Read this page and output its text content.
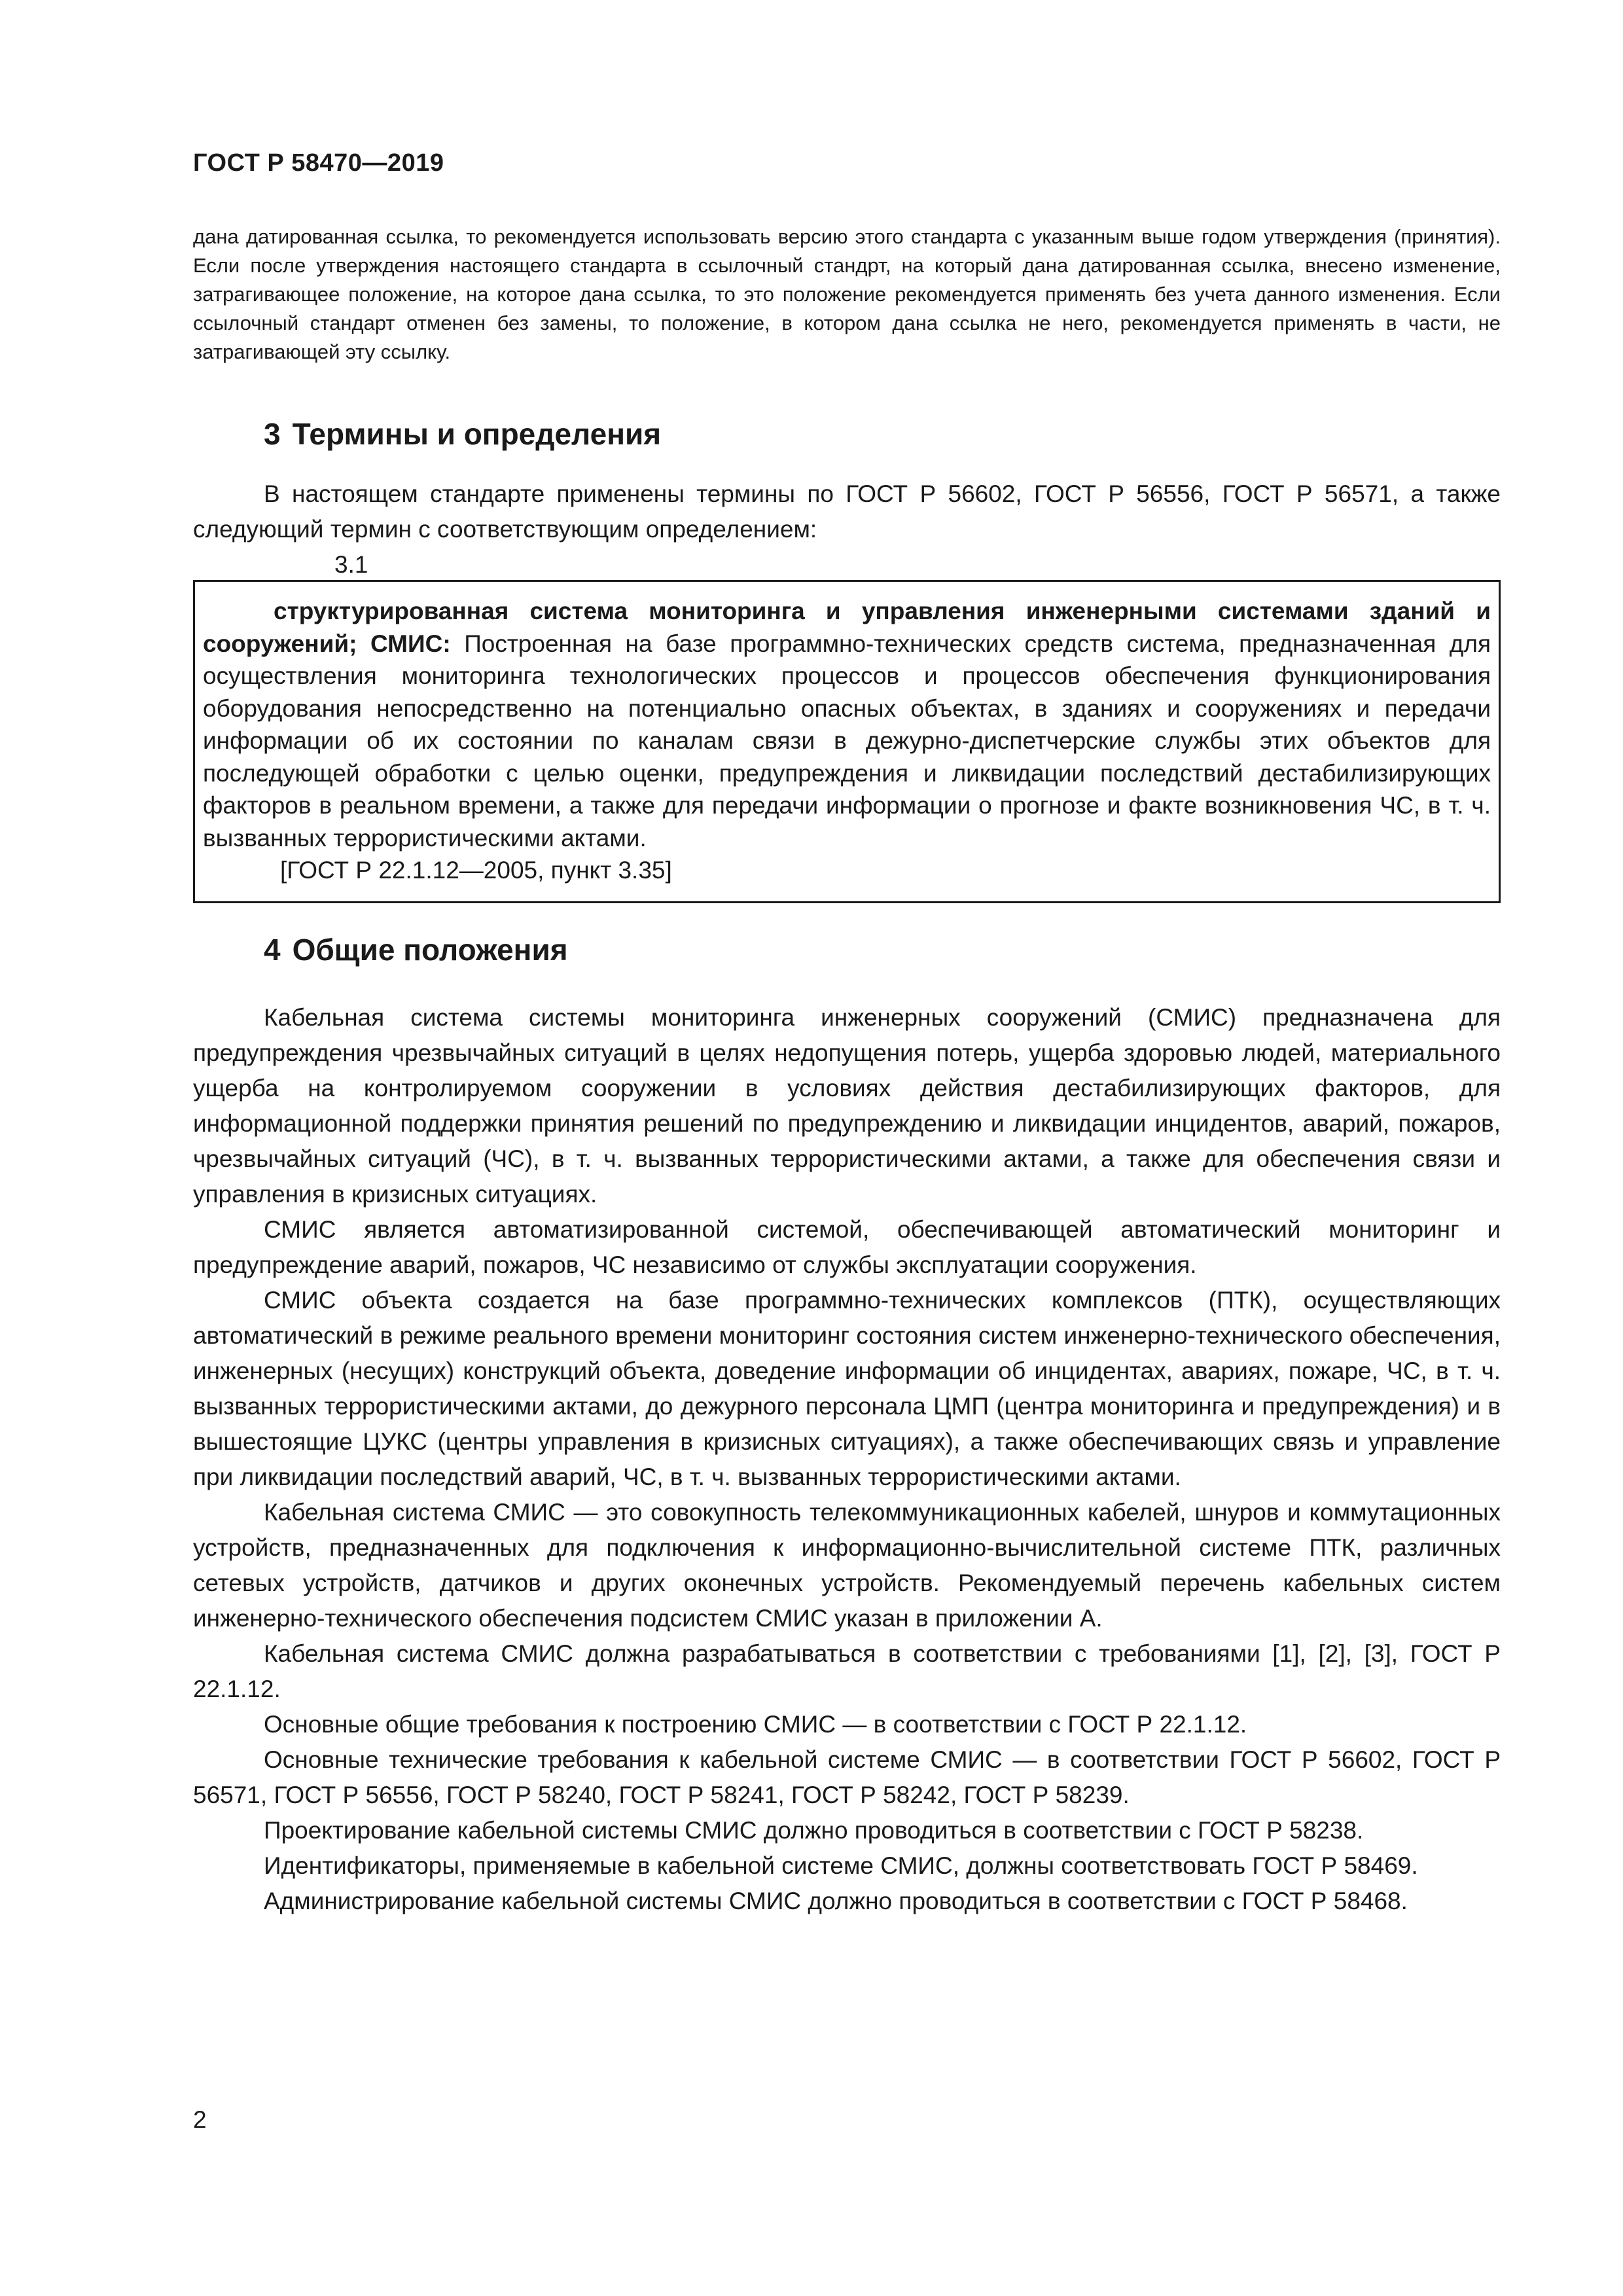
ГОСТ Р 58470—2019

дана датированная ссылка, то рекомендуется использовать версию этого стандарта с указанным выше годом утверждения (принятия). Если после утверждения настоящего стандарта в ссылочный стандрт, на который дана датированная ссылка, внесено изменение, затрагивающее положение, на которое дана ссылка, то это положение рекомендуется применять без учета данного изменения. Если ссылочный стандарт отменен без замены, то положение, в котором дана ссылка не него, рекомендуется применять в части, не затрагивающей эту ссылку.

3 Термины и определения

В настоящем стандарте применены термины по ГОСТ Р 56602, ГОСТ Р 56556, ГОСТ Р 56571, а также следующий термин с соответствующим определением:

3.1

структурированная система мониторинга и управления инженерными системами зданий и сооружений; СМИС: Построенная на базе программно-технических средств система, предназначенная для осуществления мониторинга технологических процессов и процессов обеспечения функционирования оборудования непосредственно на потенциально опасных объектах, в зданиях и сооружениях и передачи информации об их состоянии по каналам связи в дежурно-диспетчерские службы этих объектов для последующей обработки с целью оценки, предупреждения и ликвидации последствий дестабилизирующих факторов в реальном времени, а также для передачи информации о прогнозе и факте возникновения ЧС, в т. ч. вызванных террористическими актами.

[ГОСТ Р 22.1.12—2005, пункт 3.35]

4 Общие положения

Кабельная система системы мониторинга инженерных сооружений (СМИС) предназначена для предупреждения чрезвычайных ситуаций в целях недопущения потерь, ущерба здоровью людей, материального ущерба на контролируемом сооружении в условиях действия дестабилизирующих факторов, для информационной поддержки принятия решений по предупреждению и ликвидации инцидентов, аварий, пожаров, чрезвычайных ситуаций (ЧС), в т. ч. вызванных террористическими актами, а также для обеспечения связи и управления в кризисных ситуациях.

СМИС является автоматизированной системой, обеспечивающей автоматический мониторинг и предупреждение аварий, пожаров, ЧС независимо от службы эксплуатации сооружения.

СМИС объекта создается на базе программно-технических комплексов (ПТК), осуществляющих автоматический в режиме реального времени мониторинг состояния систем инженерно-технического обеспечения, инженерных (несущих) конструкций объекта, доведение информации об инцидентах, авариях, пожаре, ЧС, в т. ч. вызванных террористическими актами, до дежурного персонала ЦМП (центра мониторинга и предупреждения) и в вышестоящие ЦУКС (центры управления в кризисных ситуациях), а также обеспечивающих связь и управление при ликвидации последствий аварий, ЧС, в т. ч. вызванных террористическими актами.

Кабельная система СМИС — это совокупность телекоммуникационных кабелей, шнуров и коммутационных устройств, предназначенных для подключения к информационно-вычислительной системе ПТК, различных сетевых устройств, датчиков и других оконечных устройств. Рекомендуемый перечень кабельных систем инженерно-технического обеспечения подсистем СМИС указан в приложении А.

Кабельная система СМИС должна разрабатываться в соответствии с требованиями [1], [2], [3], ГОСТ Р 22.1.12.

Основные общие требования к построению СМИС — в соответствии с ГОСТ Р 22.1.12.

Основные технические требования к кабельной системе СМИС — в соответствии ГОСТ Р 56602, ГОСТ Р 56571, ГОСТ Р 56556, ГОСТ Р 58240, ГОСТ Р 58241, ГОСТ Р 58242, ГОСТ Р 58239.

Проектирование кабельной системы СМИС должно проводиться в соответствии с ГОСТ Р 58238.

Идентификаторы, применяемые в кабельной системе СМИС, должны соответствовать ГОСТ Р 58469.

Администрирование кабельной системы СМИС должно проводиться в соответствии с ГОСТ Р 58468.

2
